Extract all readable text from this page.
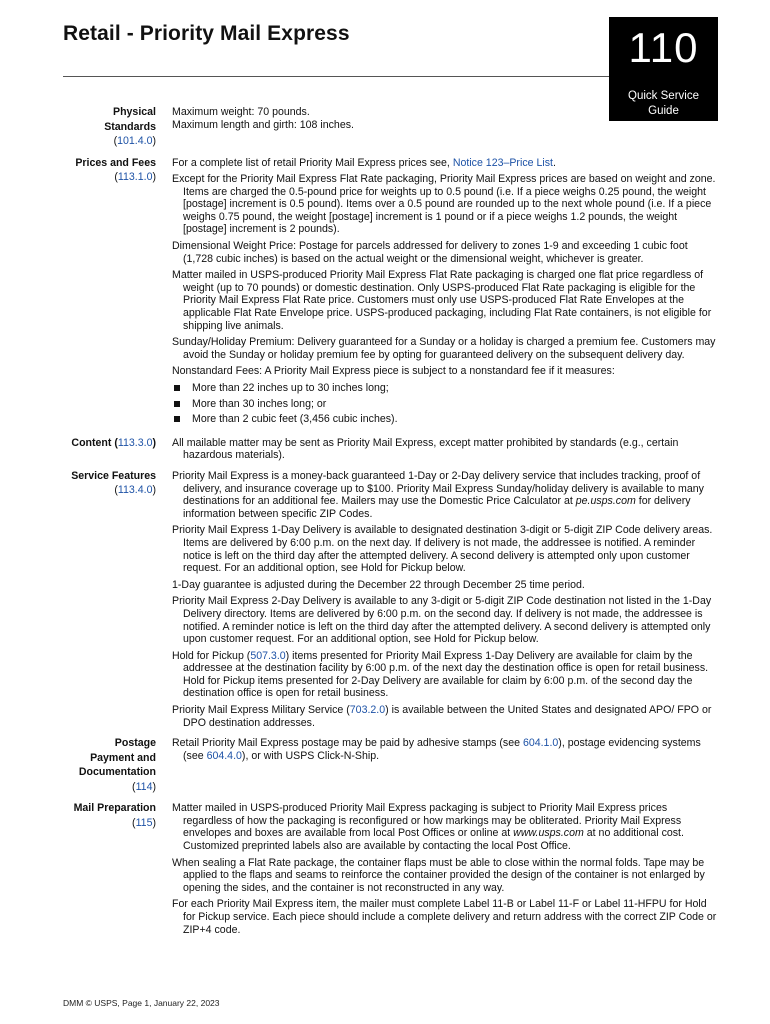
Retail - Priority Mail Express	110
Quick Service
Guide
Physical
Standards
(101.4.0)
Maximum weight: 70 pounds.
Maximum length and girth: 108 inches.
Prices and Fees
(113.1.0)

For a complete list of retail Priority Mail Express prices see, Notice 123–Price List.

Except for the Priority Mail Express Flat Rate packaging, Priority Mail Express prices are based on weight and zone. Items are charged the 0.5-pound price for weights up to 0.5 pound (i.e. If a piece weighs 0.25 pound, the weight [postage] increment is 0.5 pound). Items over a 0.5 pound are rounded up to the next whole pound (i.e. If a piece weighs 0.75 pound, the weight [postage] increment is 1 pound or if a piece weighs 1.2 pounds, the weight [postage] increment is 2 pounds).

Dimensional Weight Price: Postage for parcels addressed for delivery to zones 1-9 and exceeding 1 cubic foot (1,728 cubic inches) is based on the actual weight or the dimensional weight, whichever is greater.

Matter mailed in USPS-produced Priority Mail Express Flat Rate packaging is charged one flat price regardless of weight (up to 70 pounds) or domestic destination. Only USPS-produced Flat Rate packaging is eligible for the Priority Mail Express Flat Rate price. Customers must only use USPS-produced Flat Rate Envelopes at the applicable Flat Rate Envelope price. USPS-produced packaging, including Flat Rate containers, is not eligible for shipping live animals.

Sunday/Holiday Premium: Delivery guaranteed for a Sunday or a holiday is charged a premium fee. Customers may avoid the Sunday or holiday premium fee by opting for guaranteed delivery on the subsequent delivery day.

Nonstandard Fees: A Priority Mail Express piece is subject to a nonstandard fee if it measures:

More than 22 inches up to 30 inches long;
More than 30 inches long; or
More than 2 cubic feet (3,456 cubic inches).
Content (113.3.0) All mailable matter may be sent as Priority Mail Express, except matter prohibited by standards (e.g., certain hazardous materials).

Service Features
(113.4.0)

Priority Mail Express is a money-back guaranteed 1-Day or 2-Day delivery service that includes tracking, proof of delivery, and insurance coverage up to $100. Priority Mail Express Sunday/holiday delivery is available to many destinations for an additional fee. Mailers may use the Domestic Price Calculator at pe.usps.com for delivery information between specific ZIP Codes.

Priority Mail Express 1-Day Delivery is available to designated destination 3-digit or 5-digit ZIP Code delivery areas. Items are delivered by 6:00 p.m. on the next day. If delivery is not made, the addressee is notified. A reminder notice is left on the third day after the attempted delivery. A second delivery is attempted only upon customer request. For an additional option, see Hold for Pickup below.

1-Day guarantee is adjusted during the December 22 through December 25 time period.

Priority Mail Express 2-Day Delivery is available to any 3-digit or 5-digit ZIP Code destination not listed in the 1-Day Delivery directory. Items are delivered by 6:00 p.m. on the second day. If delivery is not made, the addressee is notified. A reminder notice is left on the third day after the attempted delivery. A second delivery is attempted only upon customer request. For an additional option, see Hold for Pickup below.

Hold for Pickup (507.3.0) items presented for Priority Mail Express 1-Day Delivery are available for claim by the addressee at the destination facility by 6:00 p.m. of the next day the destination office is open for retail business. Hold for Pickup items presented for 2-Day Delivery are available for claim by 6:00 p.m. of the second day the destination office is open for retail business.

Priority Mail Express Military Service (703.2.0) is available between the United States and designated APO/ FPO or DPO destination addresses.

Postage
Payment and
Documentation
(114)

Retail Priority Mail Express postage may be paid by adhesive stamps (see 604.1.0), postage evidencing systems (see 604.4.0), or with USPS Click-N-Ship.

Mail Preparation
(115)

Matter mailed in USPS-produced Priority Mail Express packaging is subject to Priority Mail Express prices regardless of how the packaging is reconfigured or how markings may be obliterated. Priority Mail Express envelopes and boxes are available from local Post Offices or online at www.usps.com at no additional cost. Customized preprinted labels also are available by contacting the local Post Office.

When sealing a Flat Rate package, the container flaps must be able to close within the normal folds. Tape may be applied to the flaps and seams to reinforce the container provided the design of the container is not enlarged by opening the sides, and the container is not reconstructed in any way.

For each Priority Mail Express item, the mailer must complete Label 11-B or Label 11-F or Label 11-HFPU for Hold for Pickup service. Each piece should include a complete delivery and return address with the correct ZIP Code or ZIP+4 code.

DMM © USPS, Page 1, January 22, 2023
